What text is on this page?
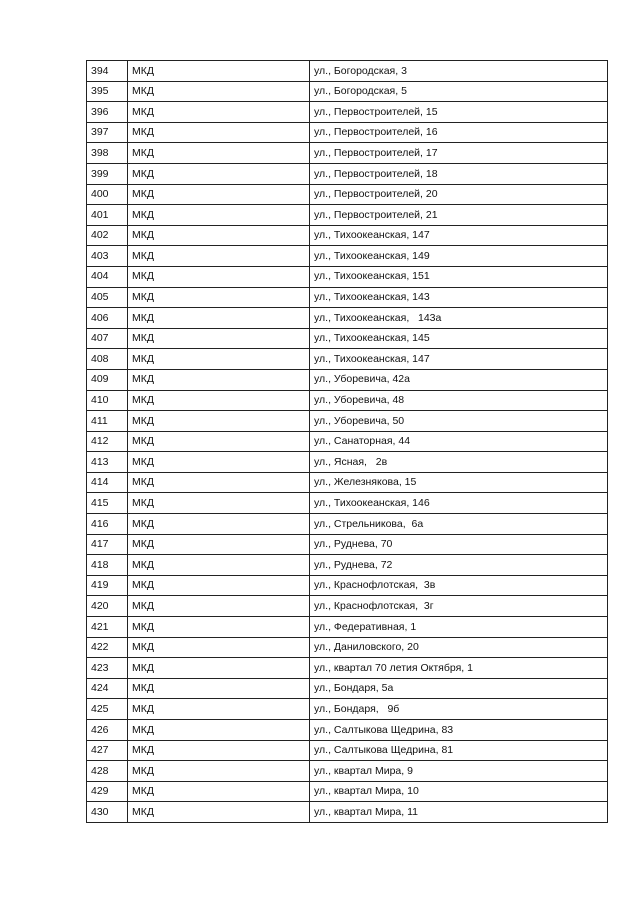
394	МКД	ул., Богородская, 3
395	МКД	ул., Богородская, 5
396	МКД	ул., Первостроителей, 15
397	МКД	ул., Первостроителей, 16
398	МКД	ул., Первостроителей, 17
399	МКД	ул., Первостроителей, 18
400	МКД	ул., Первостроителей, 20
401	МКД	ул., Первостроителей, 21
402	МКД	ул., Тихоокеанская, 147
403	МКД	ул., Тихоокеанская, 149
404	МКД	ул., Тихоокеанская, 151
405	МКД	ул., Тихоокеанская, 143
406	МКД	ул., Тихоокеанская,   143а
407	МКД	ул., Тихоокеанская, 145
408	МКД	ул., Тихоокеанская, 147
409	МКД	ул., Уборевича, 42а
410	МКД	ул., Уборевича, 48
411	МКД	ул., Уборевича, 50
412	МКД	ул., Санаторная, 44
413	МКД	ул., Ясная,   2в
414	МКД	ул., Железнякова, 15
415	МКД	ул., Тихоокеанская, 146
416	МКД	ул., Стрельникова,  6а
417	МКД	ул., Руднева, 70
418	МКД	ул., Руднева, 72
419	МКД	ул., Краснофлотская,  3в
420	МКД	ул., Краснофлотская,  3г
421	МКД	ул., Федеративная, 1
422	МКД	ул., Даниловского, 20
423	МКД	ул., квартал 70 летия Октября, 1
424	МКД	ул., Бондаря, 5а
425	МКД	ул., Бондаря,   9б
426	МКД	ул., Салтыкова Щедрина, 83
427	МКД	ул., Салтыкова Щедрина, 81
428	МКД	ул., квартал Мира, 9
429	МКД	ул., квартал Мира, 10
430	МКД	ул., квартал Мира, 11
